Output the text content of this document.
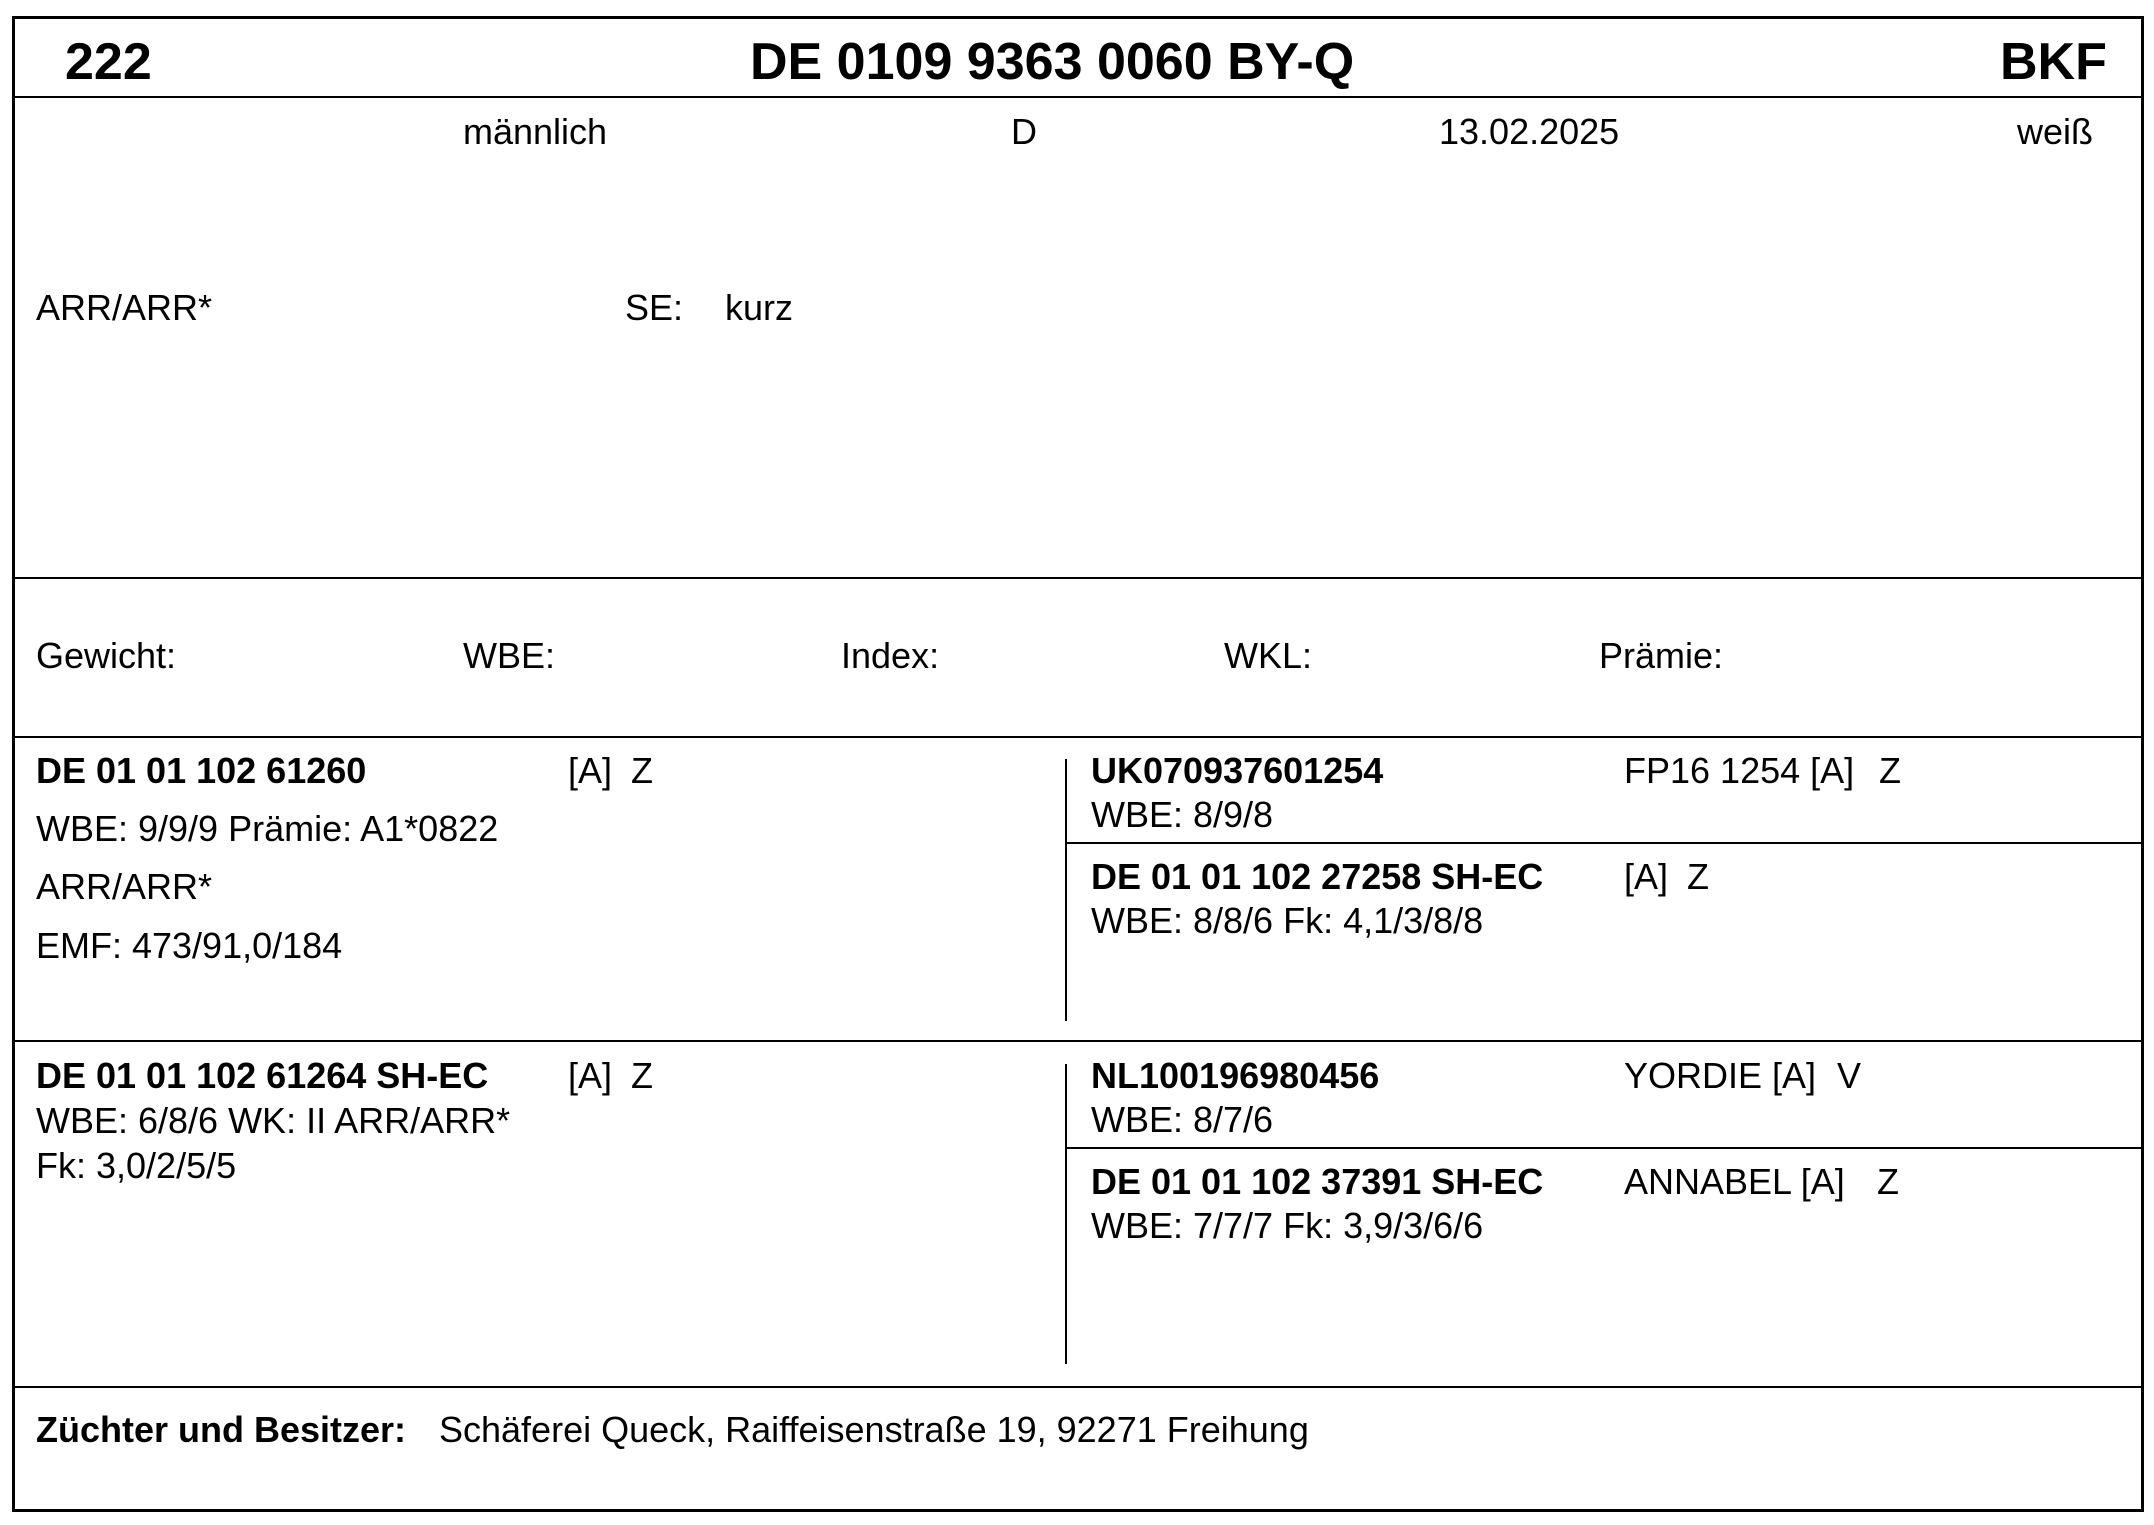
222	DE 0109 9363 0060 BY-Q	BKF
männlich	D	13.02.2025	weiß
ARR/ARR*	SE: kurz
Gewicht:	WBE:	Index:	WKL:	Prämie:
DE 01 01 102 61260	[A] Z
WBE: 9/9/9 Prämie: A1*0822
ARR/ARR*
EMF: 473/91,0/184
UK070937601254	FP16 1254 [A] Z
WBE: 8/9/8
DE 01 01 102 27258 SH-EC [A] Z
WBE: 8/8/6 Fk: 4,1/3/8/8
DE 01 01 102 61264 SH-EC [A] Z
WBE: 6/8/6 WK: II ARR/ARR*
Fk: 3,0/2/5/5
NL100196980456	YORDIE [A] V
WBE: 8/7/6
DE 01 01 102 37391 SH-EC ANNABEL [A] Z
WBE: 7/7/7 Fk: 3,9/3/6/6
Züchter und Besitzer: Schäferei Queck, Raiffeisenstraße 19, 92271 Freihung
